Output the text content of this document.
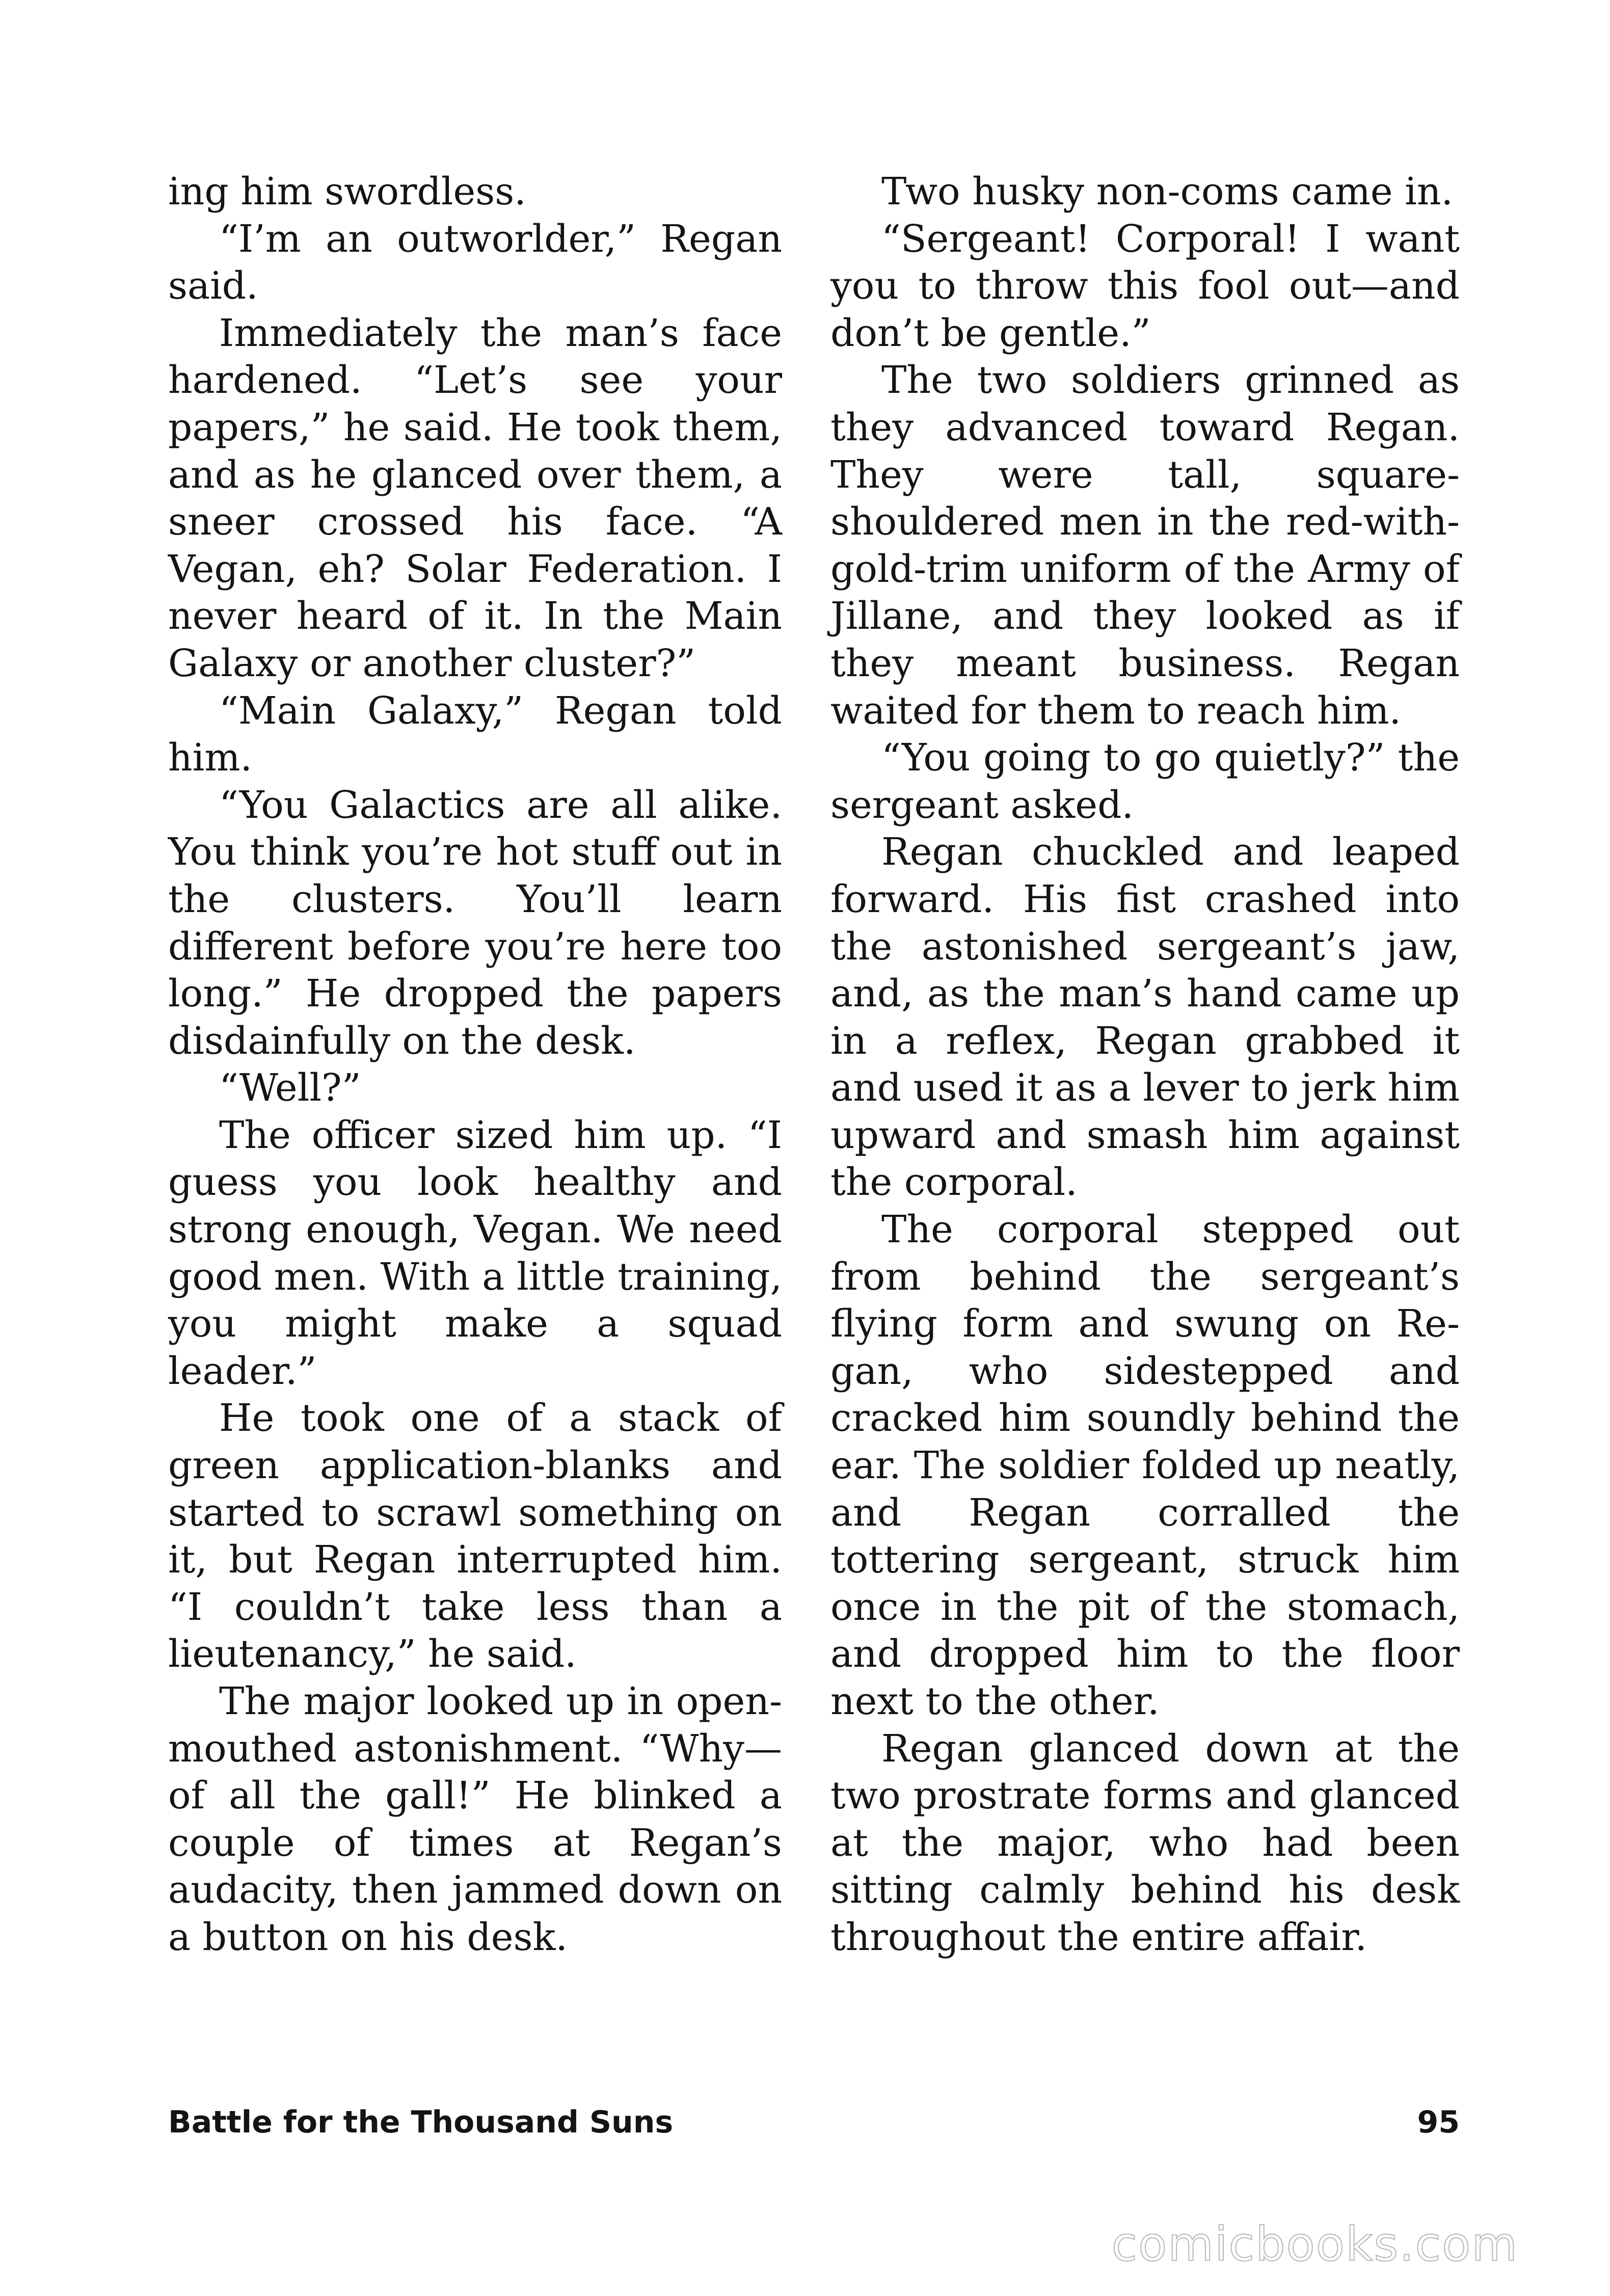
ing him swordless.

“I’m an outworlder,” Regan said.

Immediately the man’s face hardened. “Let’s see your papers,” he said. He took them, and as he glanced over them, a sneer crossed his face. “A Vegan, eh? Solar Federation. I never heard of it. In the Main Galaxy or another cluster?”

“Main Galaxy,” Regan told him.

“You Galactics are all alike. You think you’re hot stuff out in the clusters. You’ll learn different before you’re here too long.” He dropped the papers disdainfully on the desk.

“Well?”

The officer sized him up. “I guess you look healthy and strong enough, Vegan. We need good men. With a little training, you might make a squad leader.”

He took one of a stack of green application-blanks and started to scrawl something on it, but Regan interrupted him. “I couldn’t take less than a lieutenancy,” he said.

The major looked up in open-mouthed astonishment. “Why—of all the gall!” He blinked a couple of times at Regan’s audacity, then jammed down on a button on his desk.

Two husky non-coms came in.

“Sergeant! Corporal! I want you to throw this fool out—and don’t be gentle.”

The two soldiers grinned as they advanced toward Regan. They were tall, square-shouldered men in the red-with-gold-trim uniform of the Army of Jillane, and they looked as if they meant business. Regan waited for them to reach him.

“You going to go quietly?” the sergeant asked.

Regan chuckled and leaped forward. His fist crashed into the astonished sergeant’s jaw, and, as the man’s hand came up in a reflex, Regan grabbed it and used it as a lever to jerk him upward and smash him against the corporal.

The corporal stepped out from behind the sergeant’s flying form and swung on Regan, who sidestepped and cracked him soundly behind the ear. The soldier folded up neatly, and Regan corralled the tottering sergeant, struck him once in the pit of the stomach, and dropped him to the floor next to the other.

Regan glanced down at the two prostrate forms and glanced at the major, who had been sitting calmly behind his desk throughout the entire affair.

Battle for the Thousand Suns	95
comicbooks.com
